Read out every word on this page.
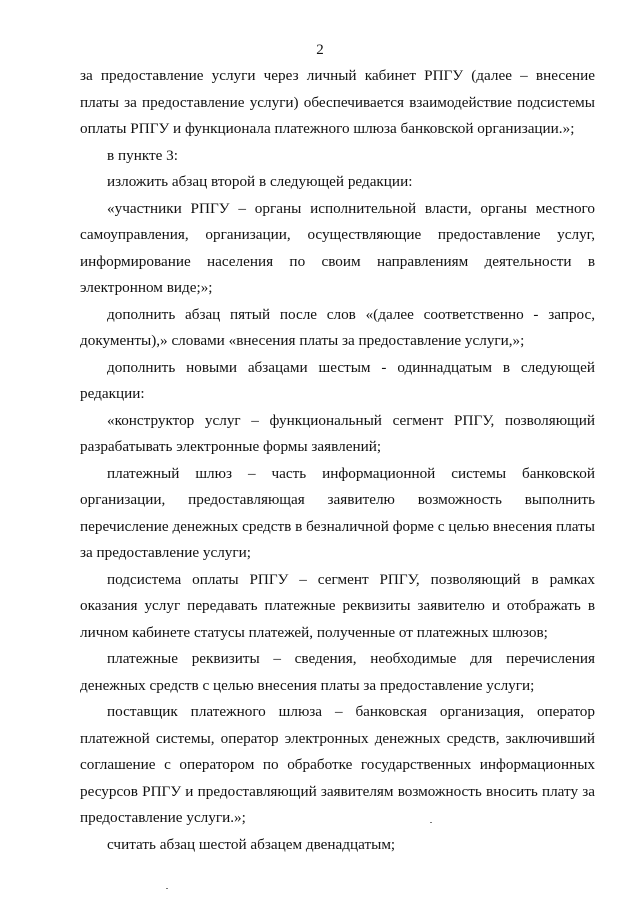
2

за предоставление услуги через личный кабинет РПГУ (далее – внесение платы за предоставление услуги) обеспечивается взаимодействие подсистемы оплаты РПГУ и функционала платежного шлюза банковской организации.»;

в пункте 3:

изложить абзац второй в следующей редакции:

«участники РПГУ – органы исполнительной власти, органы местного самоуправления, организации, осуществляющие предоставление услуг, информирование населения по своим направлениям деятельности в электронном виде;»;

дополнить абзац пятый после слов «(далее соответственно - запрос, документы),» словами «внесения платы за предоставление услуги,»;

дополнить новыми абзацами шестым - одиннадцатым в следующей редакции:

«конструктор услуг – функциональный сегмент РПГУ, позволяющий разрабатывать электронные формы заявлений;

платежный шлюз – часть информационной системы банковской организации, предоставляющая заявителю возможность выполнить перечисление денежных средств в безналичной форме с целью внесения платы за предоставление услуги;

подсистема оплаты РПГУ – сегмент РПГУ, позволяющий в рамках оказания услуг передавать платежные реквизиты заявителю и отображать в личном кабинете статусы платежей, полученные от платежных шлюзов;

платежные реквизиты – сведения, необходимые для перечисления денежных средств с целью внесения платы за предоставление услуги;

поставщик платежного шлюза – банковская организация, оператор платежной системы, оператор электронных денежных средств, заключивший соглашение с оператором по обработке государственных информационных ресурсов РПГУ и предоставляющий заявителям возможность вносить плату за предоставление услуги.»;

считать абзац шестой абзацем двенадцатым;
